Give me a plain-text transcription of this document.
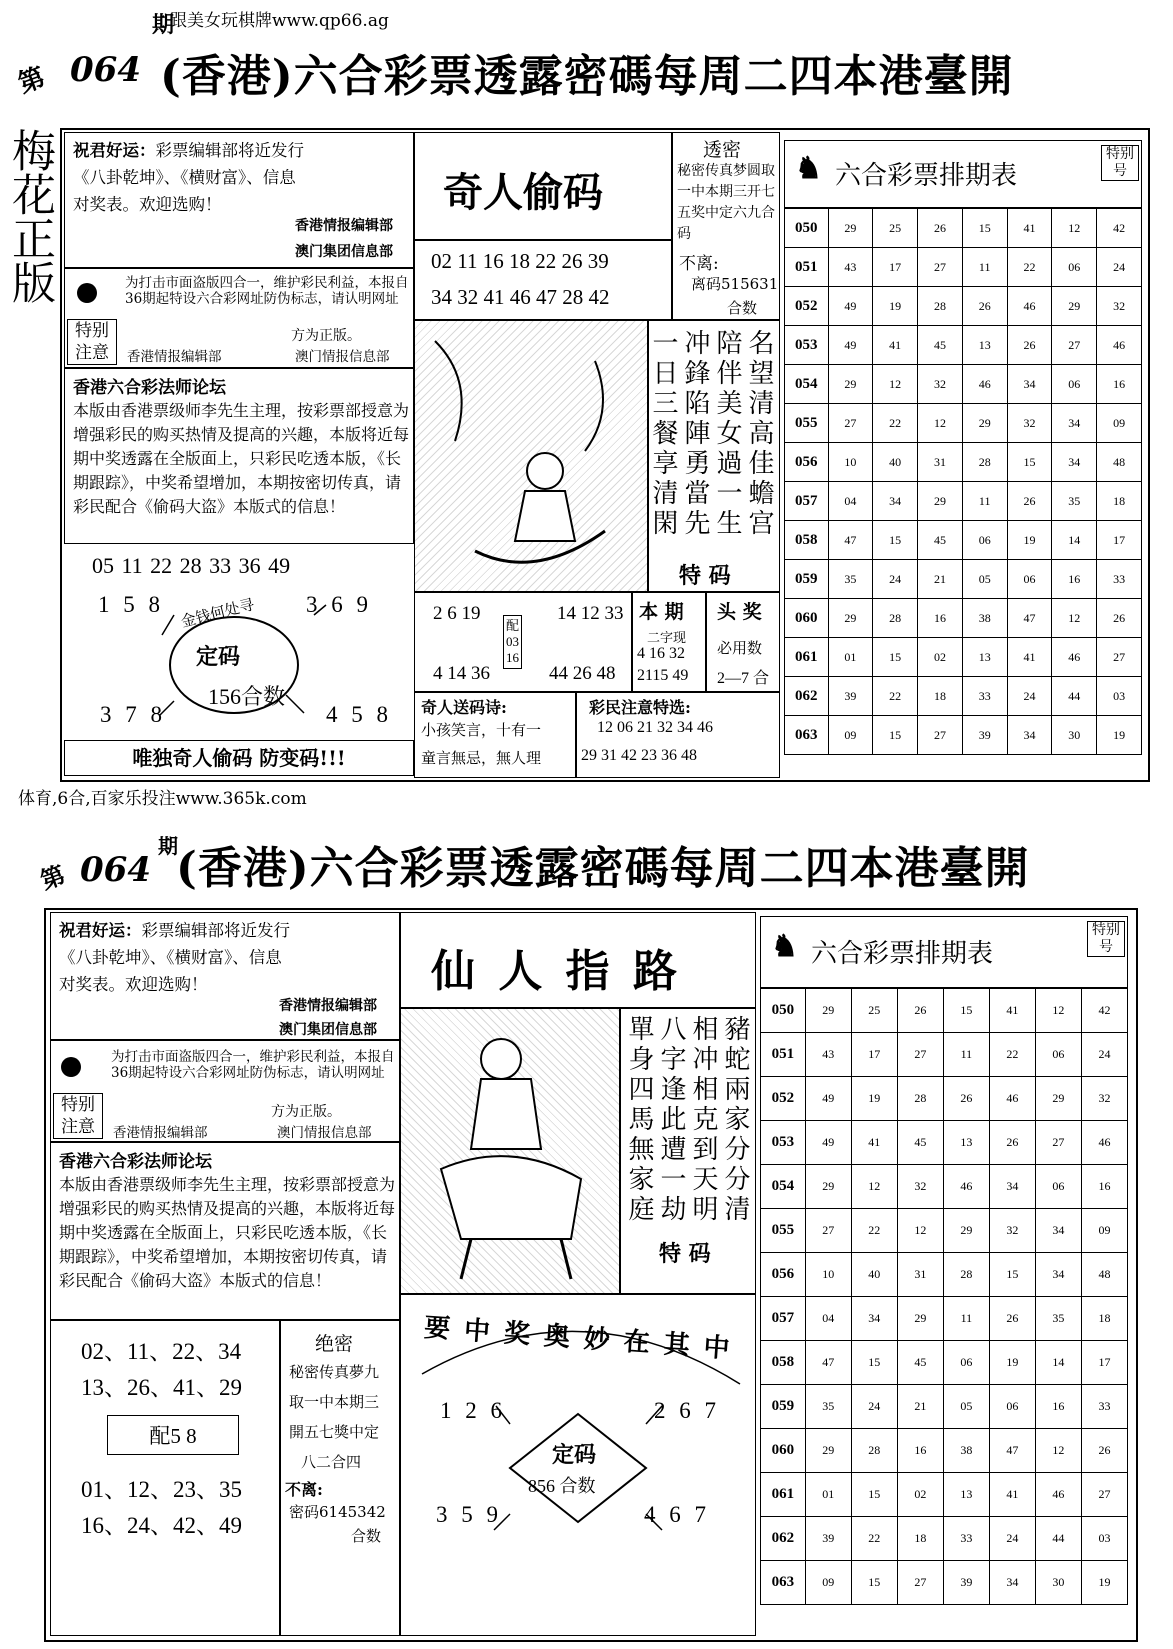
跟美女玩棋牌www.qp66.ag
第 064
期
(香港)六合彩票透露密碼每周二四本港臺開
梅花正版 祝君好运：彩票编辑部将近发行
《八卦乾坤》、《横财富》、信息
对奖表。欢迎选购！
香港情报编辑部
澳门集团信息部
特别注意
为打击市面盗版四合一，维护彩民利益，本报自36期起特设六合彩网址防伪标志，请认明网址
方为正版。
香港情报编辑部	澳门情报信息部
香港六合彩法师论坛
本版由香港票级师李先生主理，按彩票部授意为增强彩民的购买热情及提高的兴趣，本版将近每期中奖透露在全版面上，只彩民吃透本版，《长期跟踪》，中奖希望增加，本期按密切传真，请彩民配合《偷码大盗》本版式的信息！
05 11 22 28 33 36 49
1 5 8	3 6 9
3 7 8	4 5 8
金钱何处寻
定码
156合数
唯独奇人偷码 防变码!!!
奇人偷码
02 11 16 18 22 26 39
34 32 41 46 47 28 42
透密
秘密传真梦圆取一中本期三开七五奖中定六九合码
不离:
离码515631
合数
名望清高佳蟾宫
陪伴美女過一生
冲鋒陷陣勇當先
一日三餐享清閑
特 码
2 6 19
4 14 36
配
03
16
14 12 33
44 26 48
本 期
二字现
4 16 32
2115 49
头 奖
必用数
2—7 合
奇人送码诗:
小孩笑言，十有一
童言無忌，無人理
彩民注意特选:
12 06 21 32 34 46
29 31 42 23 36 48
♞ 六合彩票排期表
特别号
050	29	25	26	15	41	12	42
051	43	17	27	11	22	06	24
052	49	19	28	26	46	29	32
053	49	41	45	13	26	27	46
054	29	12	32	46	34	06	16
055	27	22	12	29	32	34	09
056	10	40	31	28	15	34	48
057	04	34	29	11	26	35	18
058	47	15	45	06	19	14	17
059	35	24	21	05	06	16	33
060	29	28	16	38	47	12	26
061	01	15	02	13	41	46	27
062	39	22	18	33	24	44	03
063	09	15	27	39	34	30	19
体育,6合,百家乐投注www.365k.com
第 064
期
(香港)六合彩票透露密碼每周二四本港臺開
祝君好运：彩票编辑部将近发行
《八卦乾坤》、《横财富》、信息
对奖表。欢迎选购！
香港情报编辑部
澳门集团信息部
特别注意
为打击市面盗版四合一，维护彩民利益，本报自36期起特设六合彩网址防伪标志，请认明网址
方为正版。
香港情报编辑部	澳门情报信息部
香港六合彩法师论坛
本版由香港票级师李先生主理，按彩票部授意为增强彩民的购买热情及提高的兴趣，本版将近每期中奖透露在全版面上，只彩民吃透本版，《长期跟踪》，中奖希望增加，本期按密切传真，请彩民配合《偷码大盗》本版式的信息！
02、11、22、34
13、26、41、29
配5 8
01、12、23、35
16、24、42、49
绝密
秘密传真夢九
取一中本期三
開五七獎中定
八二合四
不离:
密码6145342
合数
仙 人 指 路
豬蛇兩家分分清
相冲相克到天明
八字逢此遭一劫
單身四馬無家庭
特 码
要中奖奥妙在其中
1 2 6	2 6 7
3 5 9	4 6 7
定码
856 合数
♞ 六合彩票排期表
特别号
050	29	25	26	15	41	12	42
051	43	17	27	11	22	06	24
052	49	19	28	26	46	29	32
053	49	41	45	13	26	27	46
054	29	12	32	46	34	06	16
055	27	22	12	29	32	34	09
056	10	40	31	28	15	34	48
057	04	34	29	11	26	35	18
058	47	15	45	06	19	14	17
059	35	24	21	05	06	16	33
060	29	28	16	38	47	12	26
061	01	15	02	13	41	46	27
062	39	22	18	33	24	44	03
063	09	15	27	39	34	30	19
